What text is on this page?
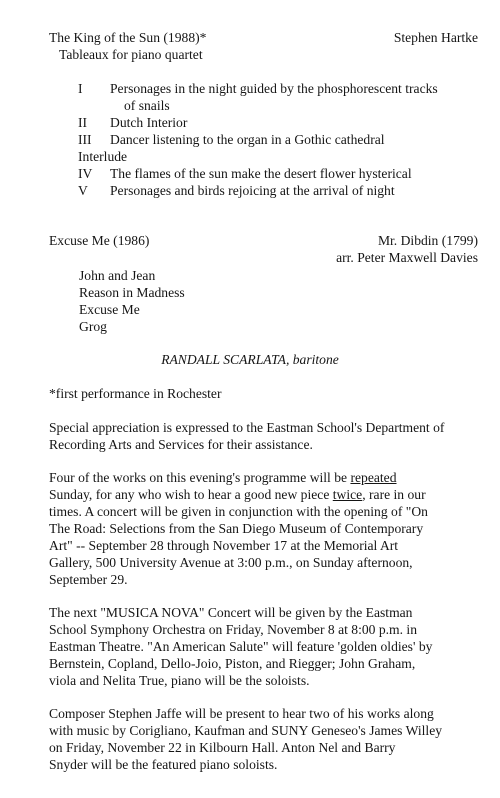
The King of the Sun (1988)*	Stephen Hartke
Tableaux for piano quartet
I Personages in the night guided by the phosphorescent tracks
of snails
II Dutch Interior
III Dancer listening to the organ in a Gothic cathedral
Interlude
IV The flames of the sun make the desert flower hysterical
V Personages and birds rejoicing at the arrival of night
Excuse Me (1986)	Mr. Dibdin (1799)
arr. Peter Maxwell Davies
John and Jean
Reason in Madness
Excuse Me
Grog
RANDALL SCARLATA, baritone
*first performance in Rochester
Special appreciation is expressed to the Eastman School's Department of
Recording Arts and Services for their assistance.
Four of the works on this evening's programme will be repeated
Sunday, for any who wish to hear a good new piece twice, rare in our
times. A concert will be given in conjunction with the opening of "On
The Road: Selections from the San Diego Museum of Contemporary
Art" -- September 28 through November 17 at the Memorial Art
Gallery, 500 University Avenue at 3:00 p.m., on Sunday afternoon,
September 29.
The next "MUSICA NOVA" Concert will be given by the Eastman
School Symphony Orchestra on Friday, November 8 at 8:00 p.m. in
Eastman Theatre. "An American Salute" will feature 'golden oldies' by
Bernstein, Copland, Dello-Joio, Piston, and Riegger; John Graham,
viola and Nelita True, piano will be the soloists.
Composer Stephen Jaffe will be present to hear two of his works along
with music by Corigliano, Kaufman and SUNY Geneseo's James Willey
on Friday, November 22 in Kilbourn Hall. Anton Nel and Barry
Snyder will be the featured piano soloists.
